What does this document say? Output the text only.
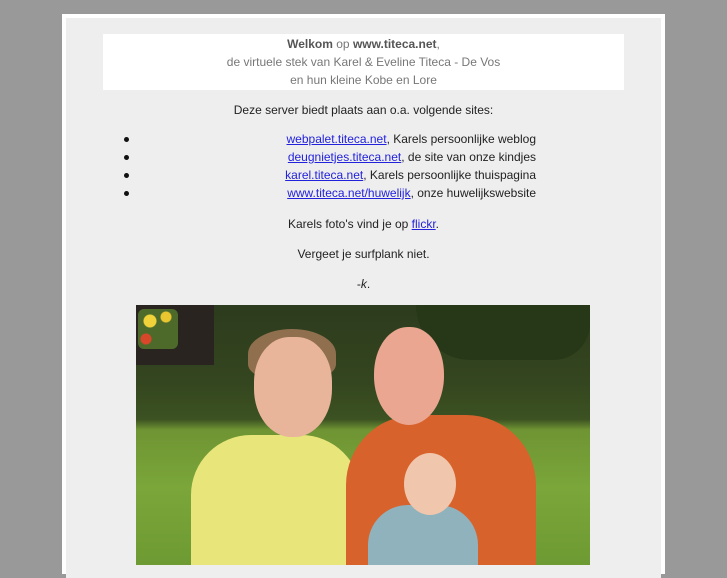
Welkom op www.titeca.net,
de virtuele stek van Karel & Eveline Titeca - De Vos
en hun kleine Kobe en Lore
Deze server biedt plaats aan o.a. volgende sites:
webpalet.titeca.net, Karels persoonlijke weblog
deugnietjes.titeca.net, de site van onze kindjes
karel.titeca.net, Karels persoonlijke thuispagina
www.titeca.net/huwelijk, onze huwelijkswebsite
Karels foto's vind je op flickr.
Vergeet je surfplank niet.
-k.
